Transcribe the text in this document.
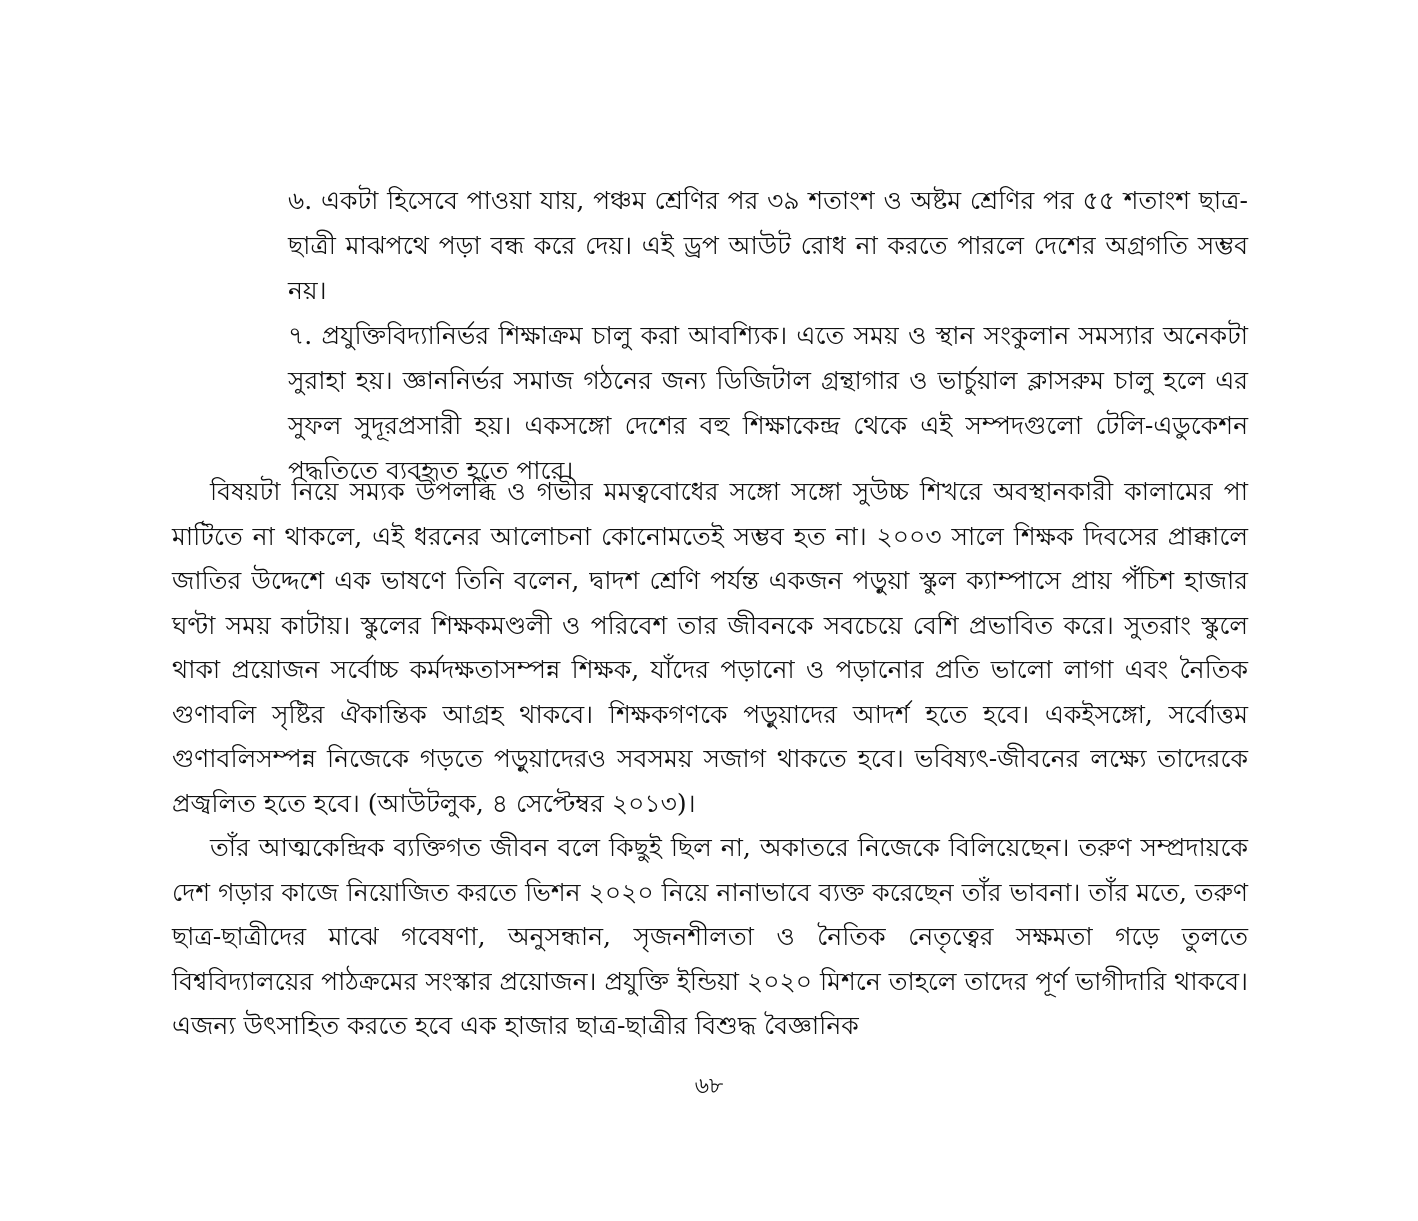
৬. একটা হিসেবে পাওয়া যায়, পঞ্চম শ্রেণির পর ৩৯ শতাংশ ও অষ্টম শ্রেণির পর ৫৫ শতাংশ ছাত্র-ছাত্রী মাঝপথে পড়া বন্ধ করে দেয়। এই ড্রপ আউট রোধ না করতে পারলে দেশের অগ্রগতি সম্ভব নয়।

৭. প্রযুক্তিবিদ্যানির্ভর শিক্ষাক্রম চালু করা আবশ্যিক। এতে সময় ও স্থান সংকুলান সমস্যার অনেকটা সুরাহা হয়। জ্ঞাননির্ভর সমাজ গঠনের জন্য ডিজিটাল গ্রন্থাগার ও ভার্চুয়াল ক্লাসরুম চালু হলে এর সুফল সুদূরপ্রসারী হয়। একসঙ্গো দেশের বহু শিক্ষাকেন্দ্র থেকে এই সম্পদগুলো টেলি-এডুকেশন পদ্ধতিতে ব্যবহৃত হতে পারে।

বিষয়টা নিয়ে সম্যক উপলব্ধি ও গভীর মমত্ববোধের সঙ্গো সঙ্গো সুউচ্চ শিখরে অবস্থানকারী কালামের পা মাটিতে না থাকলে, এই ধরনের আলোচনা কোনোমতেই সম্ভব হত না। ২০০৩ সালে শিক্ষক দিবসের প্রাক্কালে জাতির উদ্দেশে এক ভাষণে তিনি বলেন, দ্বাদশ শ্রেণি পর্যন্ত একজন পড়ুয়া স্কুল ক্যাম্পাসে প্রায় পঁচিশ হাজার ঘণ্টা সময় কাটায়। স্কুলের শিক্ষকমণ্ডলী ও পরিবেশ তার জীবনকে সবচেয়ে বেশি প্রভাবিত করে। সুতরাং স্কুলে থাকা প্রয়োজন সর্বোচ্চ কর্মদক্ষতাসম্পন্ন শিক্ষক, যাঁদের পড়ানো ও পড়ানোর প্রতি ভালো লাগা এবং নৈতিক গুণাবলি সৃষ্টির ঐকান্তিক আগ্রহ থাকবে। শিক্ষকগণকে পড়ুয়াদের আদর্শ হতে হবে। একইসঙ্গো, সর্বোত্তম গুণাবলিসম্পন্ন নিজেকে গড়তে পড়ুয়াদেরও সবসময় সজাগ থাকতে হবে। ভবিষ্যৎ-জীবনের লক্ষ্যে তাদেরকে প্রজ্বলিত হতে হবে। (আউটলুক, ৪ সেপ্টেম্বর ২০১৩)।

তাঁর আত্মকেন্দ্রিক ব্যক্তিগত জীবন বলে কিছুই ছিল না, অকাতরে নিজেকে বিলিয়েছেন। তরুণ সম্প্রদায়কে দেশ গড়ার কাজে নিয়োজিত করতে ভিশন ২০২০ নিয়ে নানাভাবে ব্যক্ত করেছেন তাঁর ভাবনা। তাঁর মতে, তরুণ ছাত্র-ছাত্রীদের মাঝে গবেষণা, অনুসন্ধান, সৃজনশীলতা ও নৈতিক নেতৃত্বের সক্ষমতা গড়ে তুলতে বিশ্ববিদ্যালয়ের পাঠক্রমের সংস্কার প্রয়োজন। প্রযুক্তি ইন্ডিয়া ২০২০ মিশনে তাহলে তাদের পূর্ণ ভাগীদারি থাকবে। এজন্য উৎসাহিত করতে হবে এক হাজার ছাত্র-ছাত্রীর বিশুদ্ধ বৈজ্ঞানিক

৬৮
